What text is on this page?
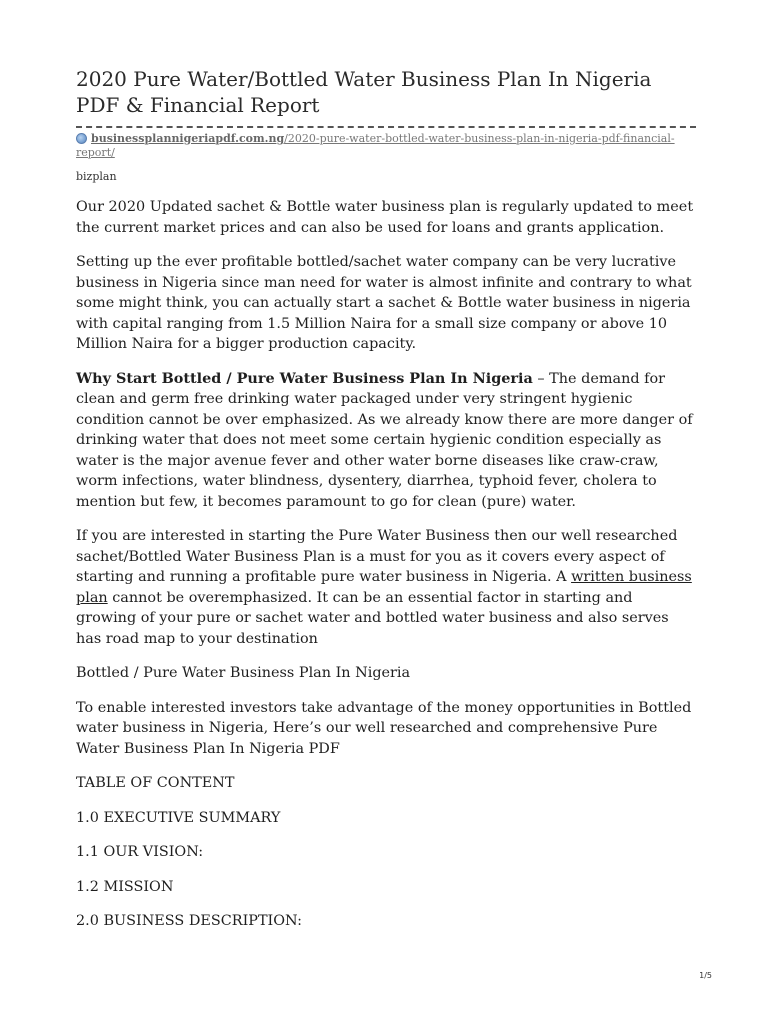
2020 Pure Water/Bottled Water Business Plan In Nigeria PDF & Financial Report
businessplannigeriapdf.com.ng/2020-pure-water-bottled-water-business-plan-in-nigeria-pdf-financial-report/
bizplan

Our 2020 Updated sachet & Bottle water business plan is regularly updated to meet the current market prices and can also be used for loans and grants application.

Setting up the ever profitable bottled/sachet water company can be very lucrative business in Nigeria since man need for water is almost infinite and contrary to what some might think, you can actually start a sachet & Bottle water business in nigeria with capital ranging from 1.5 Million Naira for a small size company or above 10 Million Naira for a bigger production capacity.

Why Start Bottled / Pure Water Business Plan In Nigeria – The demand for clean and germ free drinking water packaged under very stringent hygienic condition cannot be over emphasized. As we already know there are more danger of drinking water that does not meet some certain hygienic condition especially as water is the major avenue fever and other water borne diseases like craw-craw, worm infections, water blindness, dysentery, diarrhea, typhoid fever, cholera to mention but few, it becomes paramount to go for clean (pure) water.

If you are interested in starting the Pure Water Business then our well researched sachet/Bottled Water Business Plan is a must for you as it covers every aspect of starting and running a profitable pure water business in Nigeria. A written business plan cannot be overemphasized. It can be an essential factor in starting and growing of your pure or sachet water and bottled water business and also serves has road map to your destination

Bottled / Pure Water Business Plan In Nigeria

To enable interested investors take advantage of the money opportunities in Bottled water business in Nigeria, Here’s our well researched and comprehensive Pure Water Business Plan In Nigeria PDF

TABLE OF CONTENT

1.0 EXECUTIVE SUMMARY

1.1 OUR VISION:

1.2 MISSION

2.0 BUSINESS DESCRIPTION:

1/5
